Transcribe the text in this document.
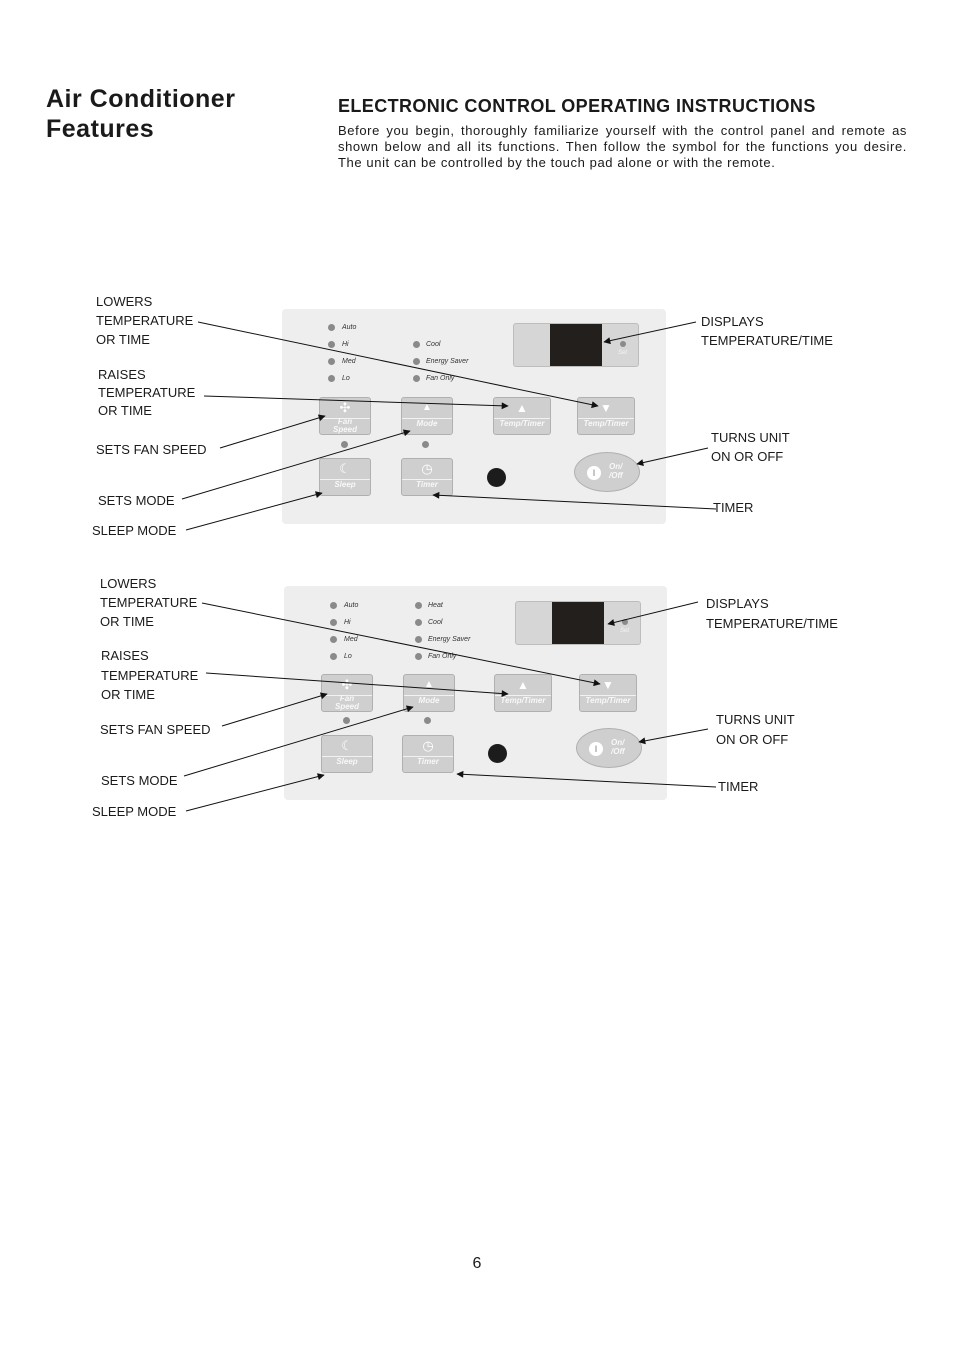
Air Conditioner
Features
ELECTRONIC CONTROL OPERATING INSTRUCTIONS
Before you begin, thoroughly familiarize yourself with the control panel and remote as shown below and all its functions. Then follow the symbol for the functions you desire. The unit can be controlled by the touch pad alone or with the remote.
Auto
Hi
Med
Lo
Cool
Energy Saver
Fan Only
Set
✣
Fan
Speed
▲

Mode
▲
Temp/Timer
▼
Temp/Timer
☾
Sleep
◷
Timer
I
On/
/Off
LOWERS
TEMPERATURE
OR TIME
RAISES
TEMPERATURE
OR TIME
SETS FAN SPEED
SETS MODE
SLEEP MODE
DISPLAYS
TEMPERATURE/TIME
TURNS UNIT
ON OR OFF
TIMER
Auto
Hi
Med
Lo
Heat
Cool
Energy Saver
Fan Only
Set
✣
Fan
Speed
▲

Mode
▲
Temp/Timer
▼
Temp/Timer
☾
Sleep
◷
Timer
I
On/
/Off
LOWERS
TEMPERATURE
OR TIME
RAISES
TEMPERATURE
OR TIME
SETS FAN SPEED
SETS MODE
SLEEP MODE
DISPLAYS
TEMPERATURE/TIME
TURNS UNIT
ON OR OFF
TIMER
6
